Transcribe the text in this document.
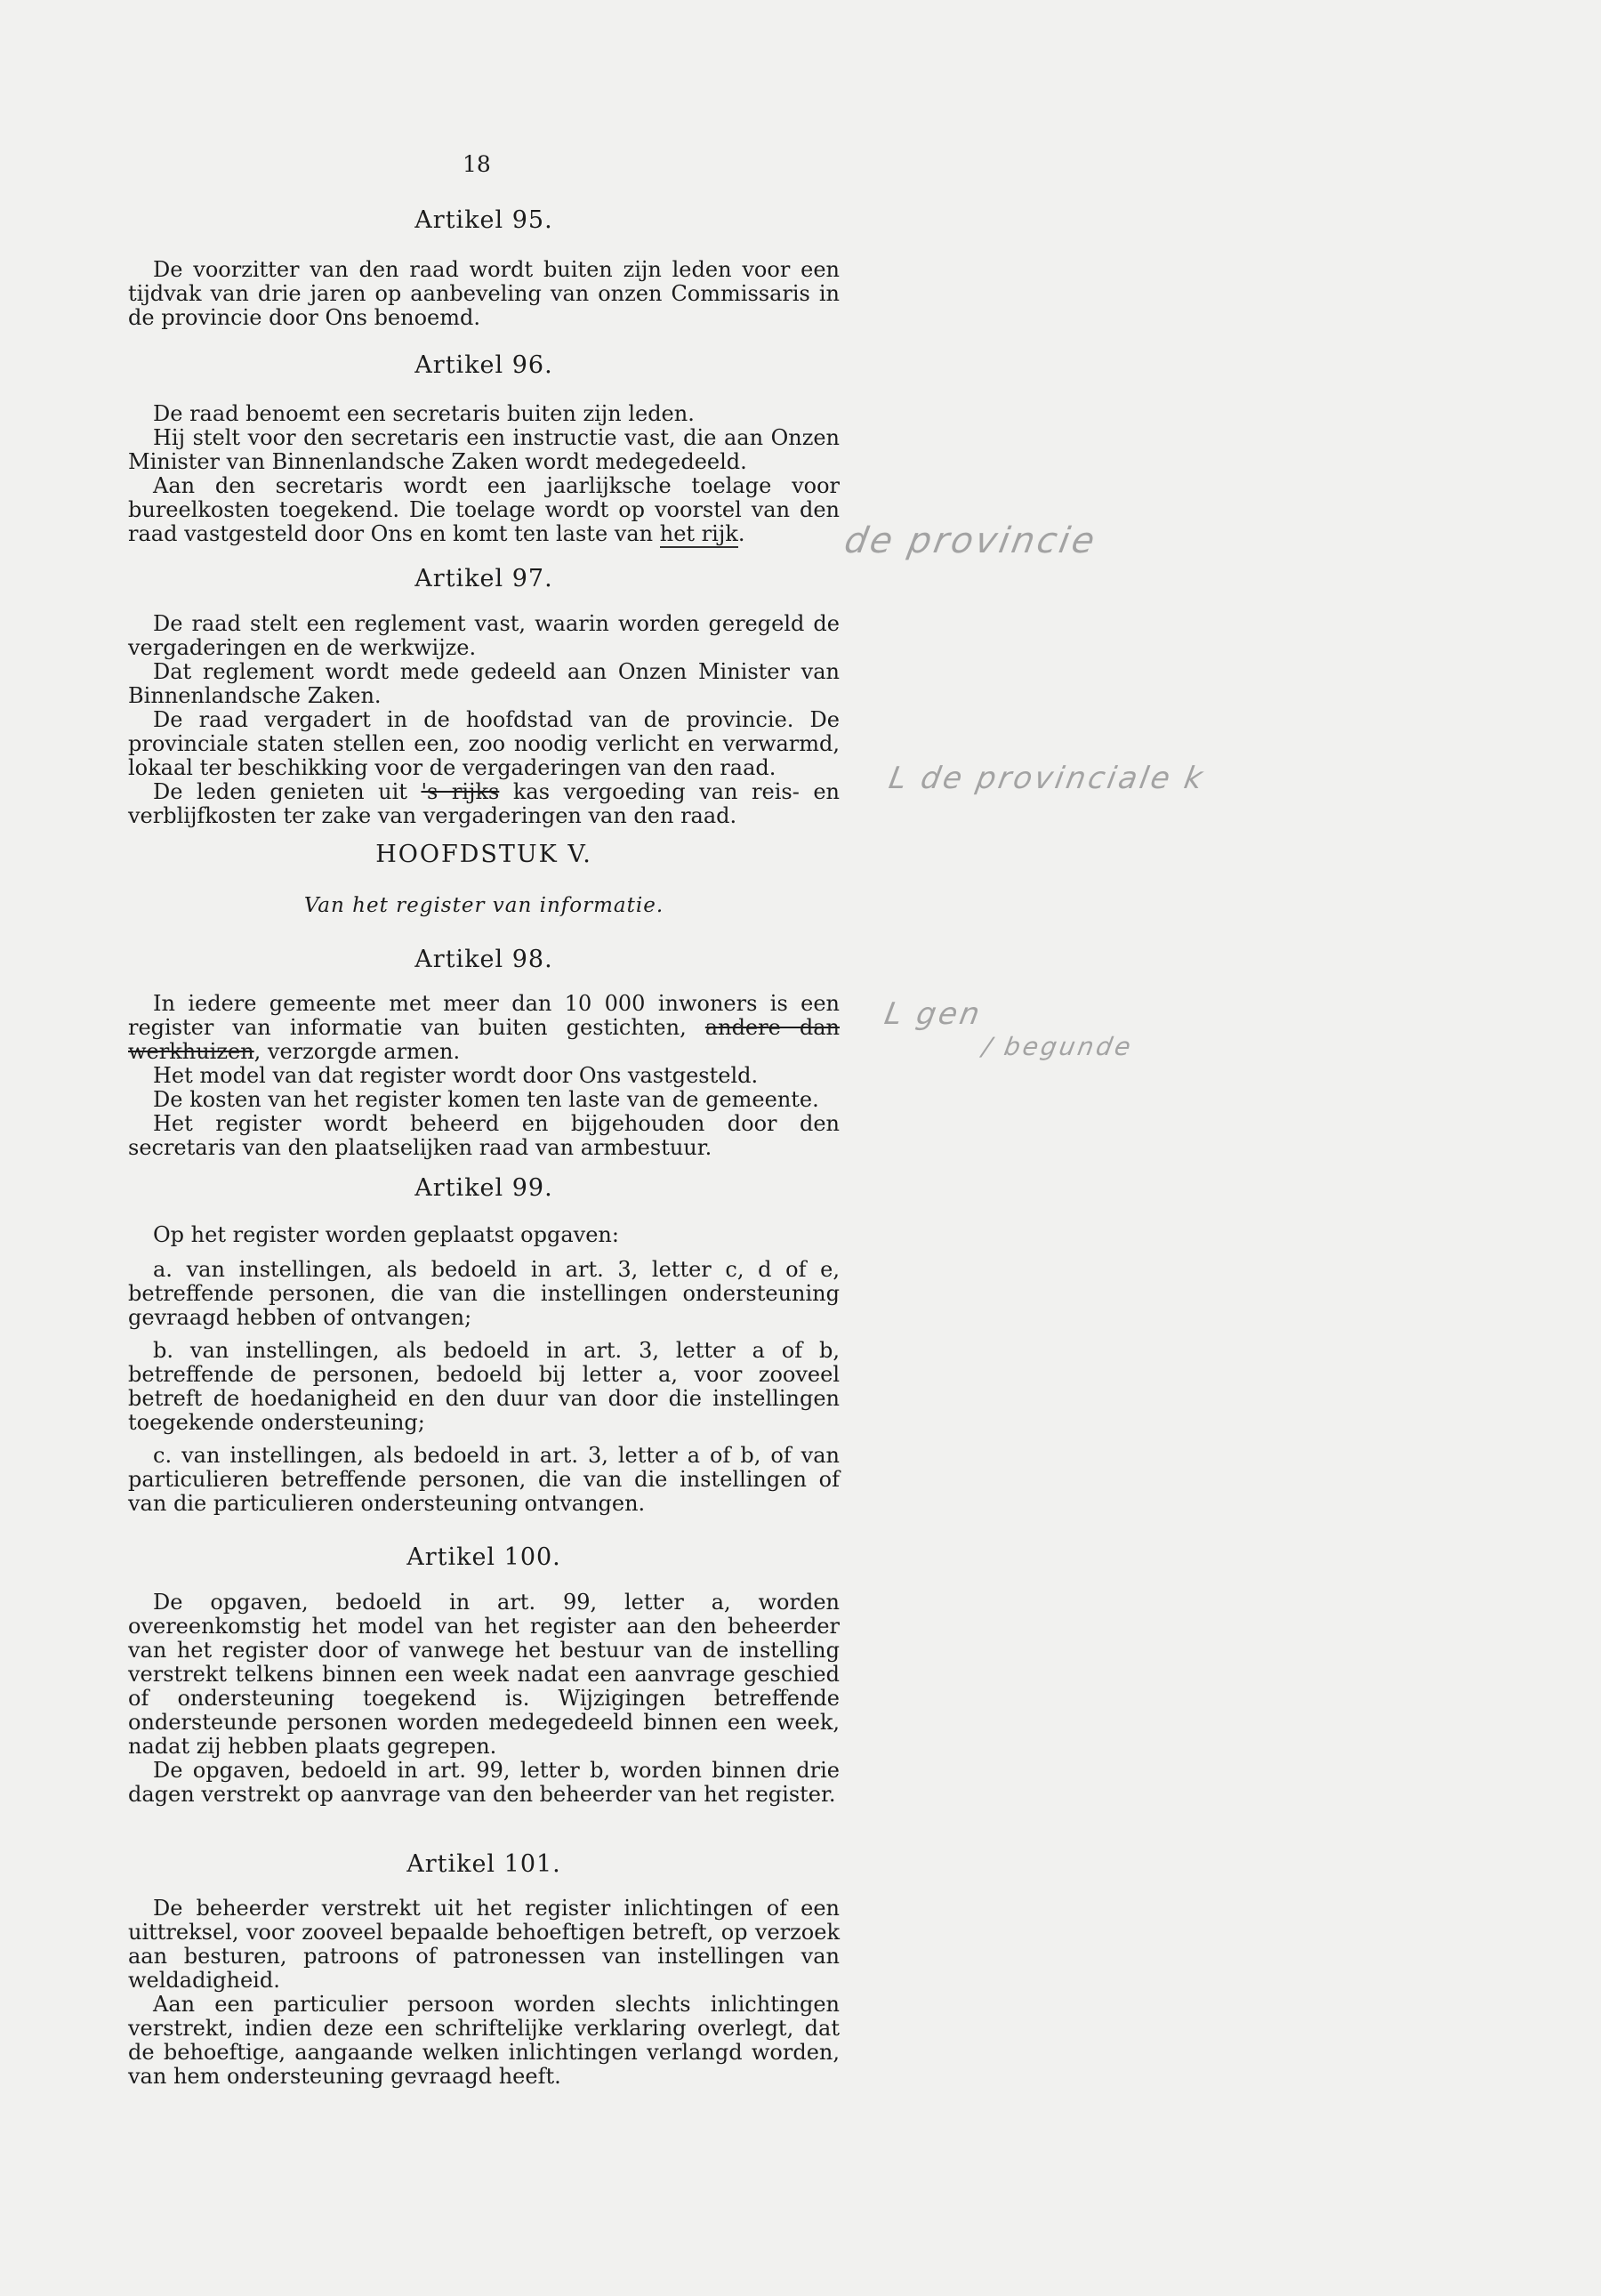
18
Artikel 95.

De voorzitter van den raad wordt buiten zijn leden voor een tijdvak van drie jaren op aanbeveling van onzen Commissaris in de provincie door Ons benoemd.

Artikel 96.

De raad benoemt een secretaris buiten zijn leden.

Hij stelt voor den secretaris een instructie vast, die aan Onzen Minister van Binnenlandsche Zaken wordt medegedeeld.

Aan den secretaris wordt een jaarlijksche toelage voor bureelkosten toegekend. Die toelage wordt op voorstel van den raad vastgesteld door Ons en komt ten laste van het rijk.

Artikel 97.

De raad stelt een reglement vast, waarin worden geregeld de vergaderingen en de werkwijze.

Dat reglement wordt mede gedeeld aan Onzen Minister van Binnenlandsche Zaken.

De raad vergadert in de hoofdstad van de provincie. De provinciale staten stellen een, zoo noodig verlicht en verwarmd, lokaal ter beschikking voor de vergaderingen van den raad.

De leden genieten uit 's rijks kas vergoeding van reis- en verblijfkosten ter zake van vergaderingen van den raad.

HOOFDSTUK V.
Van het register van informatie.
Artikel 98.

In iedere gemeente met meer dan 10 000 inwoners is een register van informatie van buiten gestichten, andere dan werkhuizen, verzorgde armen.

Het model van dat register wordt door Ons vastgesteld.

De kosten van het register komen ten laste van de gemeente.

Het register wordt beheerd en bijgehouden door den secretaris van den plaatselijken raad van armbestuur.

Artikel 99.

Op het register worden geplaatst opgaven:

a. van instellingen, als bedoeld in art. 3, letter c, d of e, betreffende personen, die van die instellingen ondersteuning gevraagd hebben of ontvangen;

b. van instellingen, als bedoeld in art. 3, letter a of b, betreffende de personen, bedoeld bij letter a, voor zooveel betreft de hoedanigheid en den duur van door die instellingen toegekende ondersteuning;

c. van instellingen, als bedoeld in art. 3, letter a of b, of van particulieren betreffende personen, die van die instellingen of van die particulieren ondersteuning ontvangen.

Artikel 100.

De opgaven, bedoeld in art. 99, letter a, worden overeenkomstig het model van het register aan den beheerder van het register door of vanwege het bestuur van de instelling verstrekt telkens binnen een week nadat een aanvrage geschied of ondersteuning toegekend is. Wijzigingen betreffende ondersteunde personen worden medegedeeld binnen een week, nadat zij hebben plaats gegrepen.

De opgaven, bedoeld in art. 99, letter b, worden binnen drie dagen verstrekt op aanvrage van den beheerder van het register.

Artikel 101.

De beheerder verstrekt uit het register inlichtingen of een uittreksel, voor zooveel bepaalde behoeftigen betreft, op verzoek aan besturen, patroons of patronessen van instellingen van weldadigheid.

Aan een particulier persoon worden slechts inlichtingen verstrekt, indien deze een schriftelijke verklaring overlegt, dat de behoeftige, aangaande welken inlichtingen verlangd worden, van hem ondersteuning gevraagd heeft.

de provincie
L de provinciale k
L gen
/ begunde
